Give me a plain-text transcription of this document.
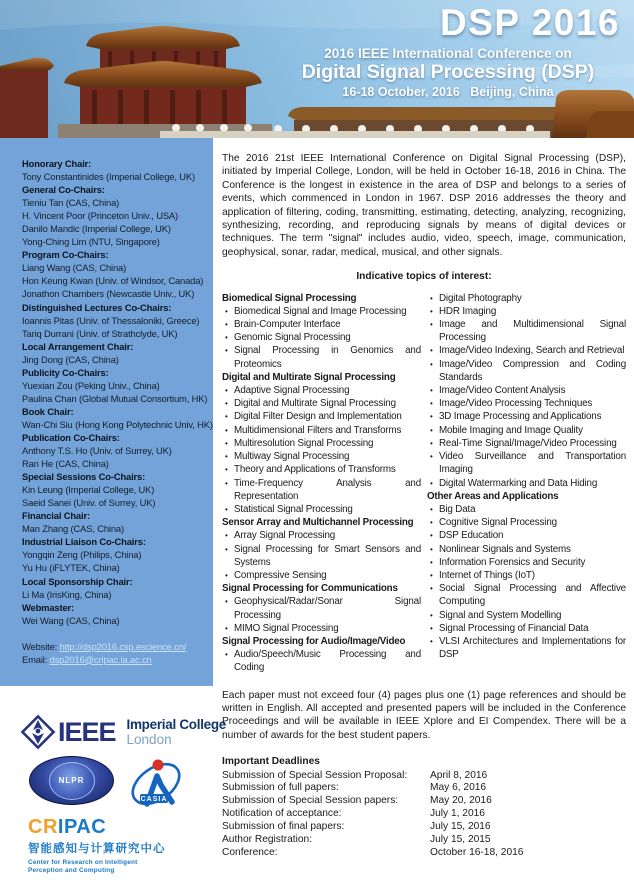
DSP 2016
2016 IEEE International Conference on
Digital Signal Processing (DSP)
16-18 October, 2016   Beijing, China
Honorary Chair:
Tony Constantinides (Imperial College, UK)
General Co-Chairs:
Tieniu Tan (CAS, China)
H. Vincent Poor (Princeton Univ., USA)
Danilo Mandic (Imperial College, UK)
Yong-Ching Lim (NTU, Singapore)
Program Co-Chairs:
Liang Wang (CAS, China)
Hon Keung Kwan (Univ. of Windsor, Canada)
Jonathon Chambers (Newcastle Univ., UK)
Distinguished Lectures Co-Chairs:
Ioannis Pitas (Univ. of Thessaloniki, Greece)
Tariq Durrani (Univ. of Strathclyde, UK)
Local Arrangement Chair:
Jing Dong (CAS, China)
Publicity Co-Chairs:
Yuexian Zou (Peking Univ., China)
Paulina Chan (Global Mutual Consortium, HK)
Book Chair:
Wan-Chi Siu (Hong Kong Polytechnic Univ, HK)
Publication Co-Chairs:
Anthony T.S. Ho (Univ. of Surrey, UK)
Ran He (CAS, China)
Special Sessions Co-Chairs:
Kin Leung (Imperial College, UK)
Saeid Sanei (Univ. of Surrey, UK)
Financial Chair:
Man Zhang (CAS, China)
Industrial Liaison Co-Chairs:
Yongqin Zeng (Philips, China)
Yu Hu (iFLYTEK, China)
Local Sponsorship Chair:
Li Ma (IrisKing, China)
Webmaster:
Wei Wang (CAS, China)
Website: http://dsp2016.csp.escience.cn/
Email: dsp2016@cripac.ia.ac.cn
IEEE Imperial College
London
NLPR
CASIA
CRIPAC
智能感知与计算研究中心
Center for Research on Intelligent
Perception and Computing
The 2016 21st IEEE International Conference on Digital Signal Processing (DSP), initiated by Imperial College, London, will be held in October 16-18, 2016 in China. The Conference is the longest in existence in the area of DSP and belongs to a series of events, which commenced in London in 1967. DSP 2016 addresses the theory and application of filtering, coding, transmitting, estimating, detecting, analyzing, recognizing, synthesizing, recording, and reproducing signals by means of digital devices or techniques. The term "signal" includes audio, video, speech, image, communication, geophysical, sonar, radar, medical, musical, and other signals.
Indicative topics of interest:
Biomedical Signal Processing
• Biomedical Signal and Image Processing
• Brain-Computer Interface
• Genomic Signal Processing
• Signal Processing in Genomics and Proteomics
Digital and Multirate Signal Processing
• Adaptive Signal Processing
• Digital and Multirate Signal Processing
• Digital Filter Design and Implementation
• Multidimensional Filters and Transforms
• Multiresolution Signal Processing
• Multiway Signal Processing
• Theory and Applications of Transforms
• Time-Frequency Analysis and Representation
• Statistical Signal Processing
Sensor Array and Multichannel Processing
• Array Signal Processing
• Signal Processing for Smart Sensors and Systems
• Compressive Sensing
Signal Processing for Communications
• Geophysical/Radar/Sonar Signal Processing
• MIMO Signal Processing
Signal Processing for Audio/Image/Video
• Audio/Speech/Music Processing and Coding
• Digital Photography
• HDR Imaging
• Image and Multidimensional Signal Processing
• Image/Video Indexing, Search and Retrieval
• Image/Video Compression and Coding Standards
• Image/Video Content Analysis
• Image/Video Processing Techniques
• 3D Image Processing and Applications
• Mobile Imaging and Image Quality
• Real-Time Signal/Image/Video Processing
• Video Surveillance and Transportation Imaging
• Digital Watermarking and Data Hiding
Other Areas and Applications
• Big Data
• Cognitive Signal Processing
• DSP Education
• Nonlinear Signals and Systems
• Information Forensics and Security
• Internet of Things (IoT)
• Social Signal Processing and Affective Computing
• Signal and System Modelling
• Signal Processing of Financial Data
• VLSI Architectures and Implementations for DSP
Each paper must not exceed four (4) pages plus one (1) page references and should be written in English. All accepted and presented papers will be included in the Conference Proceedings and will be available in IEEE Xplore and EI Compendex. There will be a number of awards for the best student papers.
Important Deadlines
Submission of Special Session Proposal:	April 8, 2016
Submission of full papers:	May 6, 2016
Submission of Special Session papers:	May 20, 2016
Notification of acceptance:	July 1, 2016
Submission of final papers:	July 15, 2016
Author Registration:	July 15, 2015
Conference:	October 16-18, 2016
